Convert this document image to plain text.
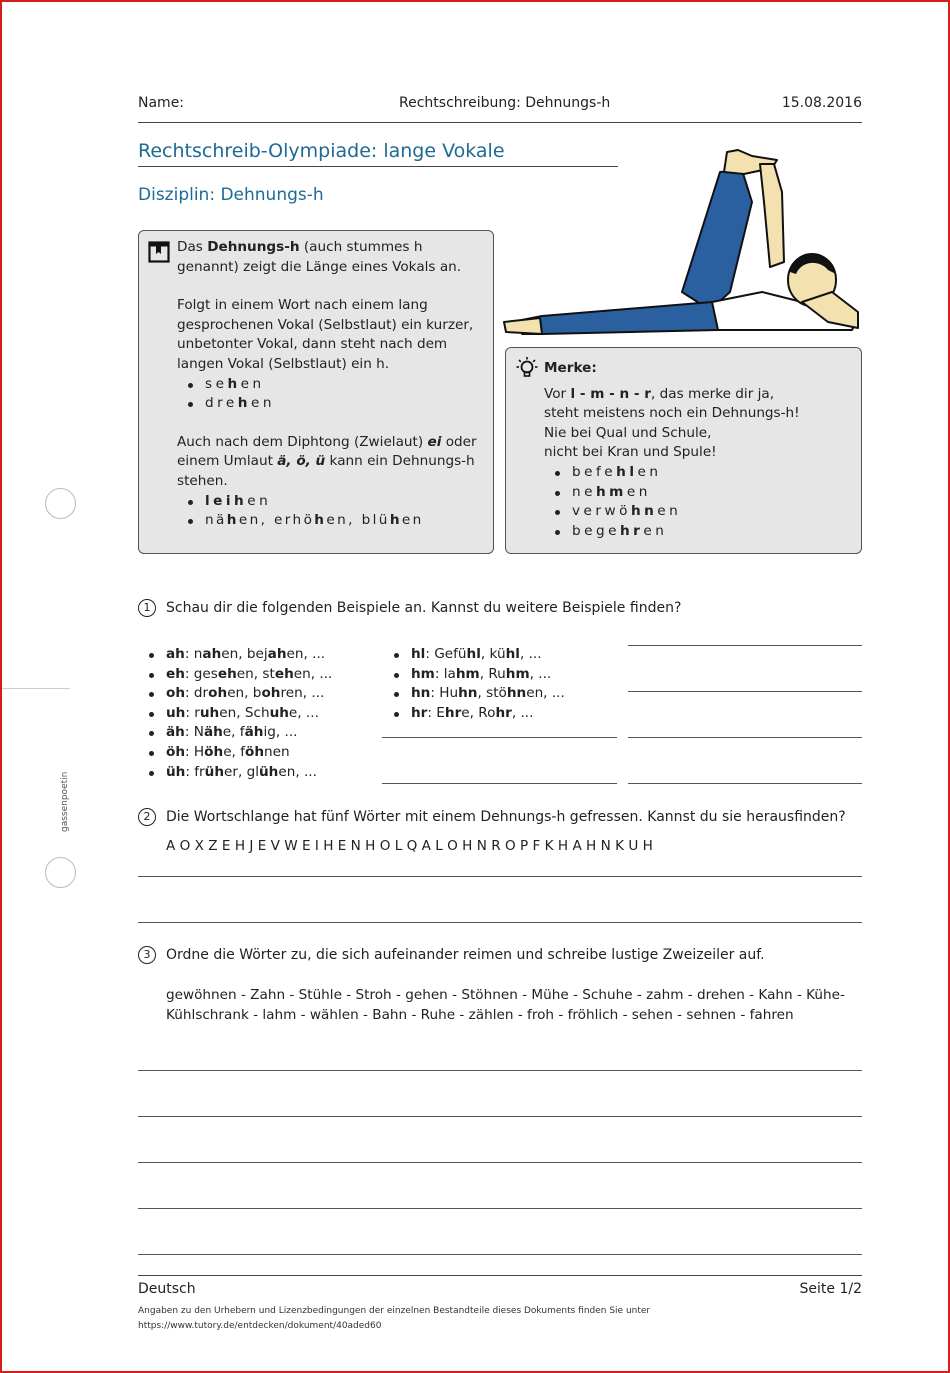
Name:	Rechtschreibung: Dehnungs-h	15.08.2016
Rechtschreib-Olympiade: lange Vokale
Disziplin: Dehnungs-h

Das Dehnungs-h (auch stummes h genannt) zeigt die Länge eines Vokals an.

Folgt in einem Wort nach einem lang gesprochenen Vokal (Selbstlaut) ein kurzer, unbetonter Vokal, dann steht nach dem langen Vokal (Selbstlaut) ein h.

sehen
drehen

Auch nach dem Diphtong (Zwielaut) ei oder einem Umlaut ä, ö, ü kann ein Dehnungs-h stehen.

leihen
nähen, erhöhen, blühen
Merke:
Vor l - m - n - r, das merke dir ja,
steht meistens noch ein Dehnungs-h!
Nie bei Qual und Schule,
nicht bei Kran und Spule!
befehlen
nehmen
verwöhnen
begehren
gassenpoetin
1 Schau dir die folgenden Beispiele an. Kannst du weitere Beispiele finden?
ah: nahen, bejahen, ...
eh: gesehen, stehen, ...
oh: drohen, bohren, ...
uh: ruhen, Schuhe, ...
äh: Nähe, fähig, ...
öh: Höhe, föhnen
üh: früher, glühen, ...
hl: Gefühl, kühl, ...
hm: lahm, Ruhm, ...
hn: Huhn, stöhnen, ...
hr: Ehre, Rohr, ...
2 Die Wortschlange hat fünf Wörter mit einem Dehnungs-h gefressen. Kannst du sie herausfinden?
A O X Z E H J E V W E I H E N H O L Q A L O H N R O P F K H A H N K U H
3 Ordne die Wörter zu, die sich aufeinander reimen und schreibe lustige Zweizeiler auf.
gewöhnen - Zahn - Stühle - Stroh - gehen - Stöhnen - Mühe - Schuhe - zahm - drehen - Kahn - Kühe-
Kühlschrank - lahm - wählen - Bahn - Ruhe - zählen - froh - fröhlich - sehen - sehnen - fahren
Deutsch	Seite 1/2
Angaben zu den Urhebern und Lizenzbedingungen der einzelnen Bestandteile dieses Dokuments finden Sie unter
https://www.tutory.de/entdecken/dokument/40aded60
